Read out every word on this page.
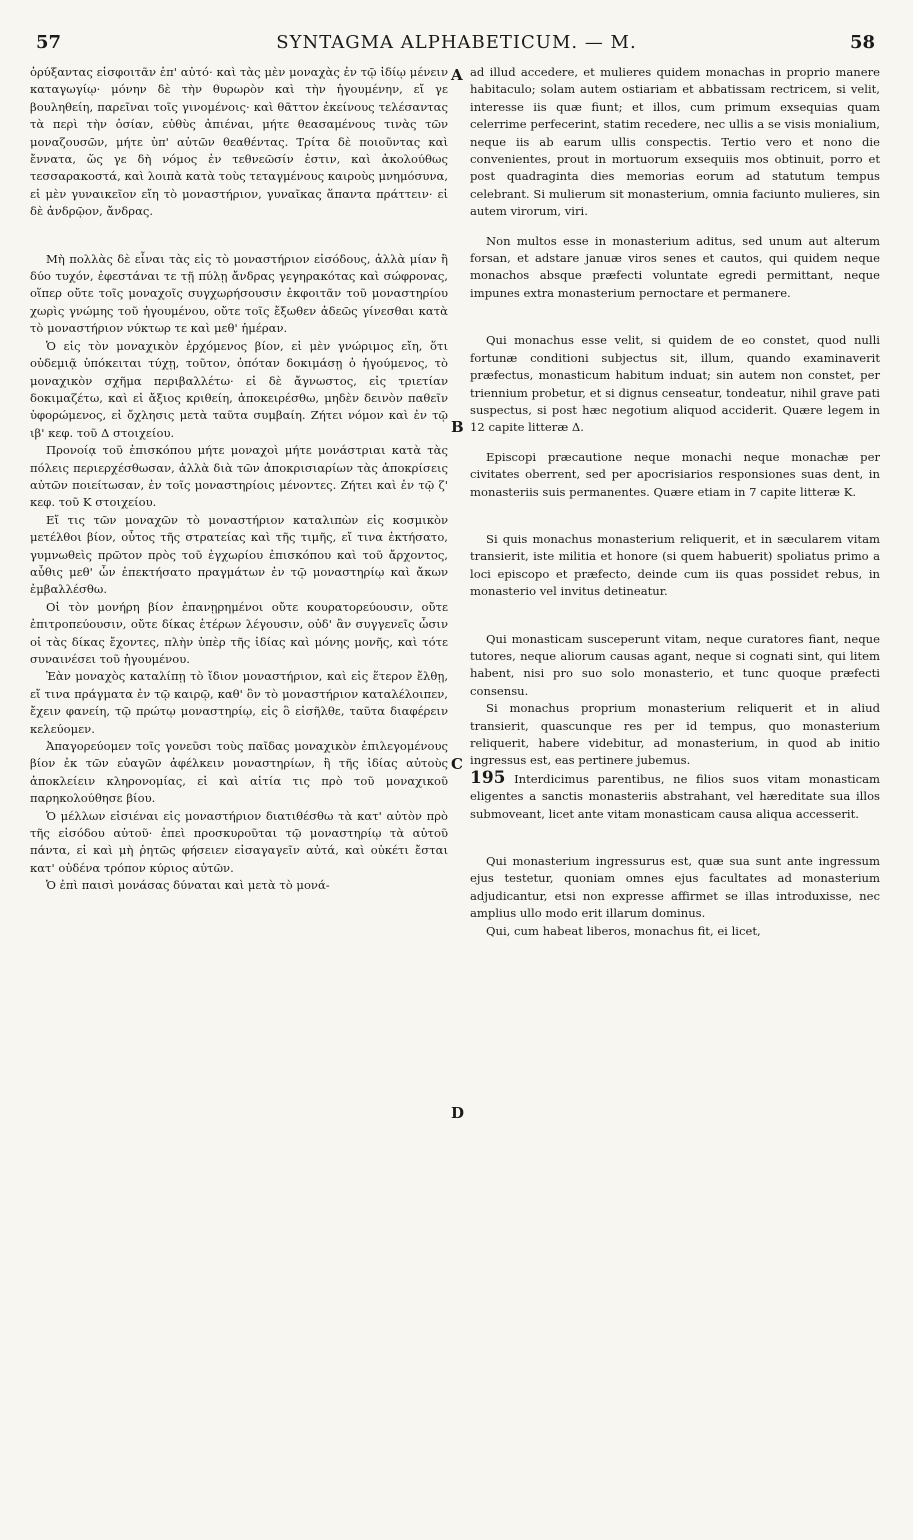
57	SYNTAGMA ALPHABETICUM. — M.	58
A
B
C
D

ὀρύξαντας εἰσφοιτᾶν ἐπ' αὐτό· καὶ τὰς μὲν μοναχὰς ἐν τῷ ἰδίῳ μένειν καταγωγίῳ· μόνην δὲ τὴν θυρωρὸν καὶ τὴν ἡγουμένην, εἴ γε βουληθείη, παρεῖναι τοῖς γινομένοις· καὶ θᾶττον ἐκείνους τελέσαντας τὰ περὶ τὴν ὁσίαν, εὐθὺς ἀπιέναι, μήτε θεασαμένους τινὰς τῶν μοναζουσῶν, μήτε ὑπ' αὐτῶν θεαθέντας. Τρίτα δὲ ποιοῦντας καὶ ἔννατα, ὥς γε δὴ νόμος ἐν τεθνεῶσίν ἐστιν, καὶ ἀκολούθως τεσσαρακοστά, καὶ λοιπὰ κατὰ τοὺς τεταγμένους καιροὺς μνημόσυνα, εἰ μὲν γυναικεῖον εἴη τὸ μοναστήριον, γυναῖκας ἅπαντα πράττειν· εἰ δὲ ἀνδρῷον, ἄνδρας.

Μὴ πολλὰς δὲ εἶναι τὰς εἰς τὸ μοναστήριον εἰσόδους, ἀλλὰ μίαν ἢ δύο τυχόν, ἐφεστάναι τε τῇ πύλῃ ἄνδρας γεγηρακότας καὶ σώφρονας, οἵπερ οὔτε τοῖς μοναχοῖς συγχωρήσουσιν ἐκφοιτᾶν τοῦ μοναστηρίου χωρὶς γνώμης τοῦ ἡγουμένου, οὔτε τοῖς ἔξωθεν ἀδεῶς γίνεσθαι κατὰ τὸ μοναστήριον νύκτωρ τε καὶ μεθ' ἡμέραν.

Ὁ εἰς τὸν μοναχικὸν ἐρχόμενος βίον, εἰ μὲν γνώριμος εἴη, ὅτι οὐδεμιᾷ ὑπόκειται τύχῃ, τοῦτον, ὁπόταν δοκιμάσῃ ὁ ἡγούμενος, τὸ μοναχικὸν σχῆμα περιβαλλέτω· εἰ δὲ ἄγνωστος, εἰς τριετίαν δοκιμαζέτω, καὶ εἰ ἄξιος κριθείη, ἀποκειρέσθω, μηδὲν δεινὸν παθεῖν ὑφορώμενος, εἰ ὄχλησις μετὰ ταῦτα συμβαίη. Ζήτει νόμον καὶ ἐν τῷ ιβ' κεφ. τοῦ Δ στοιχείου.

Προνοίᾳ τοῦ ἐπισκόπου μήτε μοναχοὶ μήτε μονάστριαι κατὰ τὰς πόλεις περιερχέσθωσαν, ἀλλὰ διὰ τῶν ἀποκρισιαρίων τὰς ἀποκρίσεις αὐτῶν ποιείτωσαν, ἐν τοῖς μοναστηρίοις μένοντες. Ζήτει καὶ ἐν τῷ ζ' κεφ. τοῦ Κ στοιχείου.

Εἴ τις τῶν μοναχῶν τὸ μοναστήριον καταλιπὼν εἰς κοσμικὸν μετέλθοι βίον, οὗτος τῆς στρατείας καὶ τῆς τιμῆς, εἴ τινα ἐκτήσατο, γυμνωθεὶς πρῶτον πρὸς τοῦ ἐγχωρίου ἐπισκόπου καὶ τοῦ ἄρχοντος, αὖθις μεθ' ὧν ἐπεκτήσατο πραγμάτων ἐν τῷ μοναστηρίῳ καὶ ἄκων ἐμβαλλέσθω.

Οἱ τὸν μονήρη βίον ἐπανῃρημένοι οὔτε κουρατορεύουσιν, οὔτε ἐπιτροπεύουσιν, οὔτε δίκας ἑτέρων λέγουσιν, οὐδ' ἂν συγγενεῖς ὦσιν οἱ τὰς δίκας ἔχοντες, πλὴν ὑπὲρ τῆς ἰδίας καὶ μόνης μονῆς, καὶ τότε συναινέσει τοῦ ἡγουμένου.

Ἐὰν μοναχὸς καταλίπῃ τὸ ἴδιον μοναστήριον, καὶ εἰς ἕτερον ἔλθῃ, εἴ τινα πράγματα ἐν τῷ καιρῷ, καθ' ὃν τὸ μοναστήριον καταλέλοιπεν, ἔχειν φανείη, τῷ πρώτῳ μοναστηρίῳ, εἰς ὃ εἰσῆλθε, ταῦτα διαφέρειν κελεύομεν.

Ἀπαγορεύομεν τοῖς γονεῦσι τοὺς παῖδας μοναχικὸν ἐπιλεγομένους βίον ἐκ τῶν εὐαγῶν ἀφέλκειν μοναστηρίων, ἢ τῆς ἰδίας αὐτοὺς ἀποκλείειν κληρονομίας, εἰ καὶ αἰτία τις πρὸ τοῦ μοναχικοῦ παρηκολούθησε βίου.

Ὁ μέλλων εἰσιέναι εἰς μοναστήριον διατιθέσθω τὰ κατ' αὐτὸν πρὸ τῆς εἰσόδου αὐτοῦ· ἐπεὶ προσκυροῦται τῷ μοναστηρίῳ τὰ αὐτοῦ πάντα, εἰ καὶ μὴ ῥητῶς φήσειεν εἰσαγαγεῖν αὐτά, καὶ οὐκέτι ἔσται κατ' οὐδένα τρόπον κύριος αὐτῶν.

Ὁ ἐπὶ παισὶ μονάσας δύναται καὶ μετὰ τὸ μονά-

ad illud accedere, et mulieres quidem monachas in proprio manere habitaculo; solam autem ostiariam et abbatissam rectricem, si velit, interesse iis quæ fiunt; et illos, cum primum exsequias quam celerrime perfecerint, statim recedere, nec ullis a se visis monialium, neque iis ab earum ullis conspectis. Tertio vero et nono die convenientes, prout in mortuorum exsequiis mos obtinuit, porro et post quadraginta dies memorias eorum ad statutum tempus celebrant. Si mulierum sit monasterium, omnia faciunto mulieres, sin autem virorum, viri.

Non multos esse in monasterium aditus, sed unum aut alterum forsan, et adstare januæ viros senes et cautos, qui quidem neque monachos absque præfecti voluntate egredi permittant, neque impunes extra monasterium pernoctare et permanere.

Qui monachus esse velit, si quidem de eo constet, quod nulli fortunæ conditioni subjectus sit, illum, quando examinaverit præfectus, monasticum habitum induat; sin autem non constet, per triennium probetur, et si dignus censeatur, tondeatur, nihil grave pati suspectus, si post hæc negotium aliquod acciderit. Quære legem in 12 capite litteræ Δ.

Episcopi præcautione neque monachi neque monachæ per civitates oberrent, sed per apocrisiarios responsiones suas dent, in monasteriis suis permanentes. Quære etiam in 7 capite litteræ K.

Si quis monachus monasterium reliquerit, et in sæcularem vitam transierit, iste militia et honore (si quem habuerit) spoliatus primo a loci episcopo et præfecto, deinde cum iis quas possidet rebus, in monasterio vel invitus detineatur.

Qui monasticam susceperunt vitam, neque curatores fiant, neque tutores, neque aliorum causas agant, neque si cognati sint, qui litem habent, nisi pro suo solo monasterio, et tunc quoque præfecti consensu.

Si monachus proprium monasterium reliquerit et in aliud transierit, quascunque res per id tempus, quo monasterium reliquerit, habere videbitur, ad monasterium, in quod ab initio ingressus est, eas pertinere jubemus.

195 Interdicimus parentibus, ne filios suos vitam monasticam eligentes a sanctis monasteriis abstrahant, vel hæreditate sua illos submoveant, licet ante vitam monasticam causa aliqua accesserit.

Qui monasterium ingressurus est, quæ sua sunt ante ingressum ejus testetur, quoniam omnes ejus facultates ad monasterium adjudicantur, etsi non expresse affirmet se illas introduxisse, nec amplius ullo modo erit illarum dominus.

Qui, cum habeat liberos, monachus fit, ei licet,
